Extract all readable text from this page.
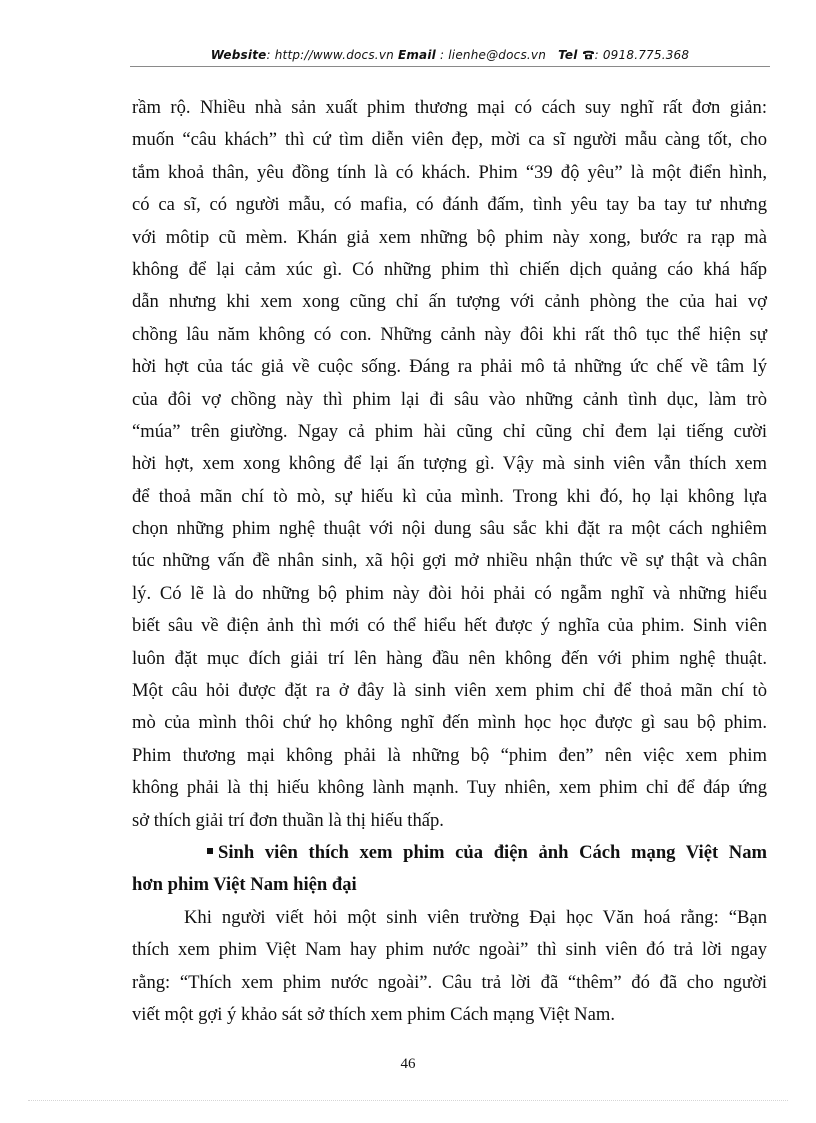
Website: http://www.docs.vn Email : lienhe@docs.vn Tel : 0918.775.368
rầm rộ. Nhiều nhà sản xuất phim thương mại có cách suy nghĩ rất đơn giản:
muốn “câu khách” thì cứ tìm diễn viên đẹp, mời ca sĩ người mẫu càng tốt, cho
tắm khoả thân, yêu đồng tính là có khách. Phim “39 độ yêu” là một điển hình,
có ca sĩ, có người mẫu, có mafia, có đánh đấm, tình yêu tay ba tay tư nhưng
với môtip cũ mèm. Khán giả xem những bộ phim này xong, bước ra rạp mà
không để lại cảm xúc gì. Có những phim thì chiến dịch quảng cáo khá hấp
dẫn nhưng khi xem xong cũng chỉ ấn tượng với cảnh phòng the của hai vợ
chồng lâu năm không có con. Những cảnh này đôi khi rất thô tục thể hiện sự
hời hợt của tác giả về cuộc sống. Đáng ra phải mô tả những ức chế về tâm lý
của đôi vợ chồng này thì phim lại đi sâu vào những cảnh tình dục, làm trò
“múa” trên giường. Ngay cả phim hài cũng chỉ cũng chỉ đem lại tiếng cười
hời hợt, xem xong không để lại ấn tượng gì. Vậy mà sinh viên vẫn thích xem
để thoả mãn chí tò mò, sự hiếu kì của mình. Trong khi đó, họ lại không lựa
chọn những phim nghệ thuật với nội dung sâu sắc khi đặt ra một cách nghiêm
túc những vấn đề nhân sinh, xã hội gợi mở nhiều nhận thức về sự thật và chân
lý. Có lẽ là do những bộ phim này đòi hỏi phải có ngẫm nghĩ và những hiểu
biết sâu về điện ảnh thì mới có thể hiểu hết được ý nghĩa của phim. Sinh viên
luôn đặt mục đích giải trí lên hàng đầu nên không đến với phim nghệ thuật.
Một câu hỏi được đặt ra ở đây là sinh viên xem phim chỉ để thoả mãn chí tò
mò của mình thôi chứ họ không nghĩ đến mình học học được gì sau bộ phim.
Phim thương mại không phải là những bộ “phim đen” nên việc xem phim
không phải là thị hiếu không lành mạnh. Tuy nhiên, xem phim chỉ để đáp ứng
sở thích giải trí đơn thuần là thị hiếu thấp.
Sinh viên thích xem phim của điện ảnh Cách mạng Việt Nam
hơn phim Việt Nam hiện đại
Khi người viết hỏi một sinh viên trường Đại học Văn hoá rằng: “Bạn
thích xem phim Việt Nam hay phim nước ngoài” thì sinh viên đó trả lời ngay
rằng: “Thích xem phim nước ngoài”. Câu trả lời đã “thêm” đó đã cho người
viết một gợi ý khảo sát sở thích xem phim Cách mạng Việt Nam.
46
